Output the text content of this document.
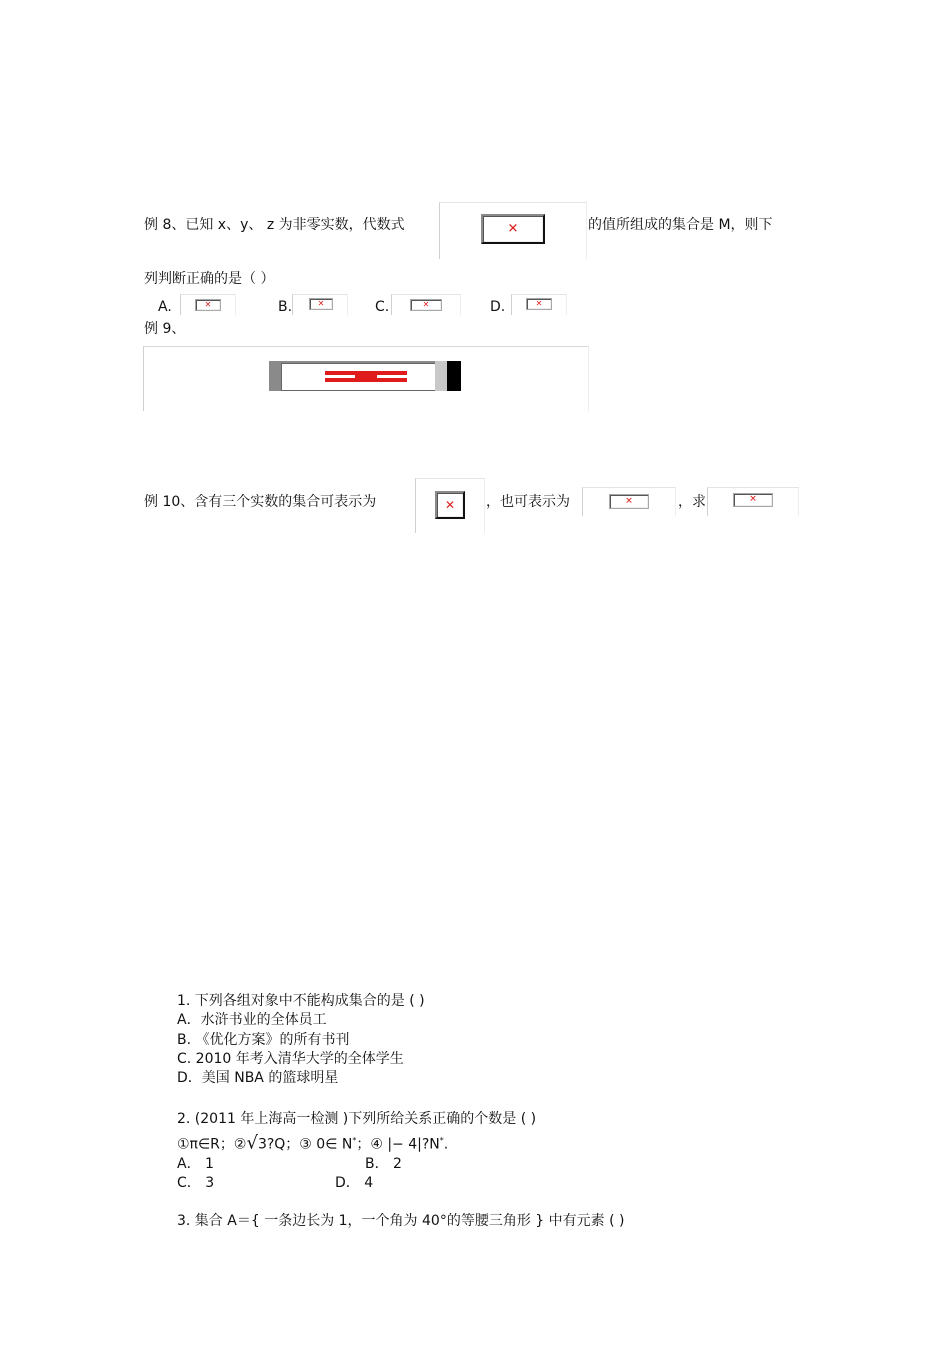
例 8、已知 x、y、 z 为非零实数，代数式	✕	的值所组成的集合是 M，则下
列判断正确的是（ ）
A.	✕	B.	✕	C.	✕	D.	✕
例 9、
例 10、含有三个实数的集合可表示为	✕ ，也可表示为	✕	，求	✕
1. 下列各组对象中不能构成集合的是 ( )
A．水浒书业的全体员工
B. 《优化方案》的所有书刊
C. 2010 年考入清华大学的全体学生
D．美国 NBA 的篮球明星
2. (2011 年上海高一检测 )下列所给关系正确的个数是 ( )
①π∈R；②√3?Q；③ 0∈ N*；④ |− 4|?N*.
A． 1	B． 2
C． 3	D． 4
3. 集合 A＝{ 一条边长为 1，一个角为 40°的等腰三角形 } 中有元素 ( )
